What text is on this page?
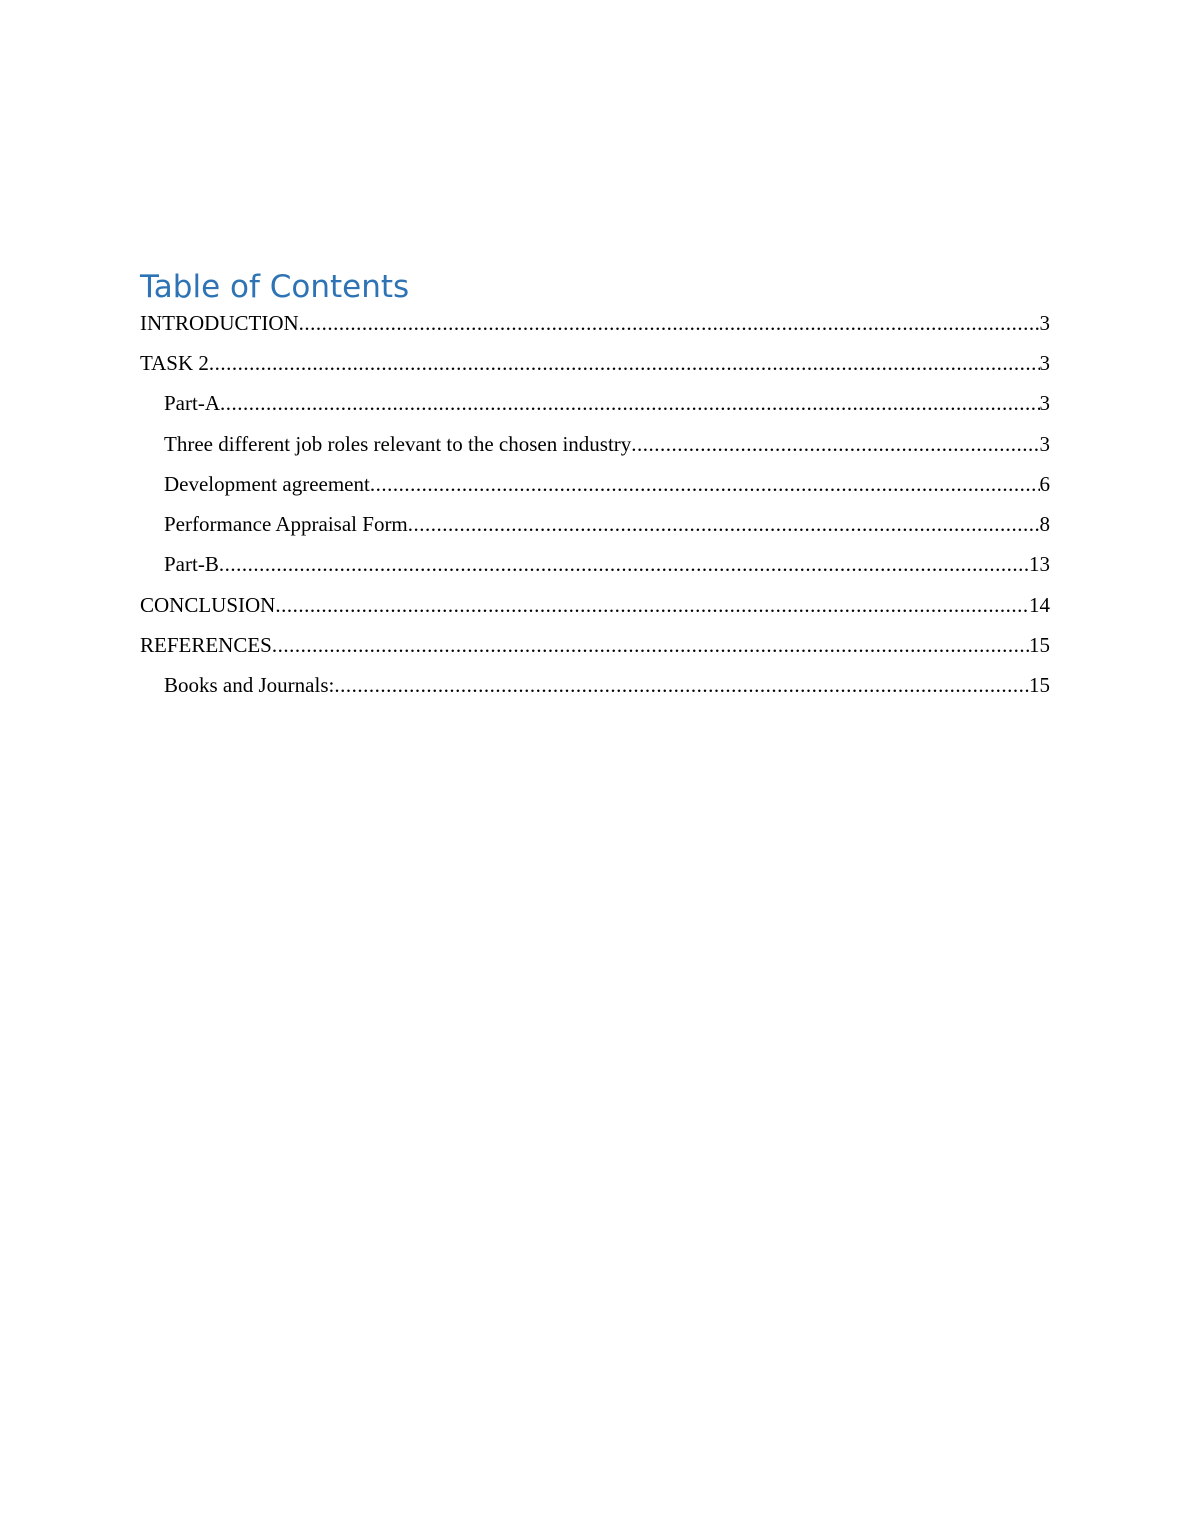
Table of Contents
INTRODUCTION .....	3
TASK 2 .....	3
Part-A .....	3
Three different job roles relevant to the chosen industry .....	3
Development agreement .....	6
Performance Appraisal Form .....	8
Part-B .....	13
CONCLUSION .....	14
REFERENCES .....	15
Books and Journals: .....	15
